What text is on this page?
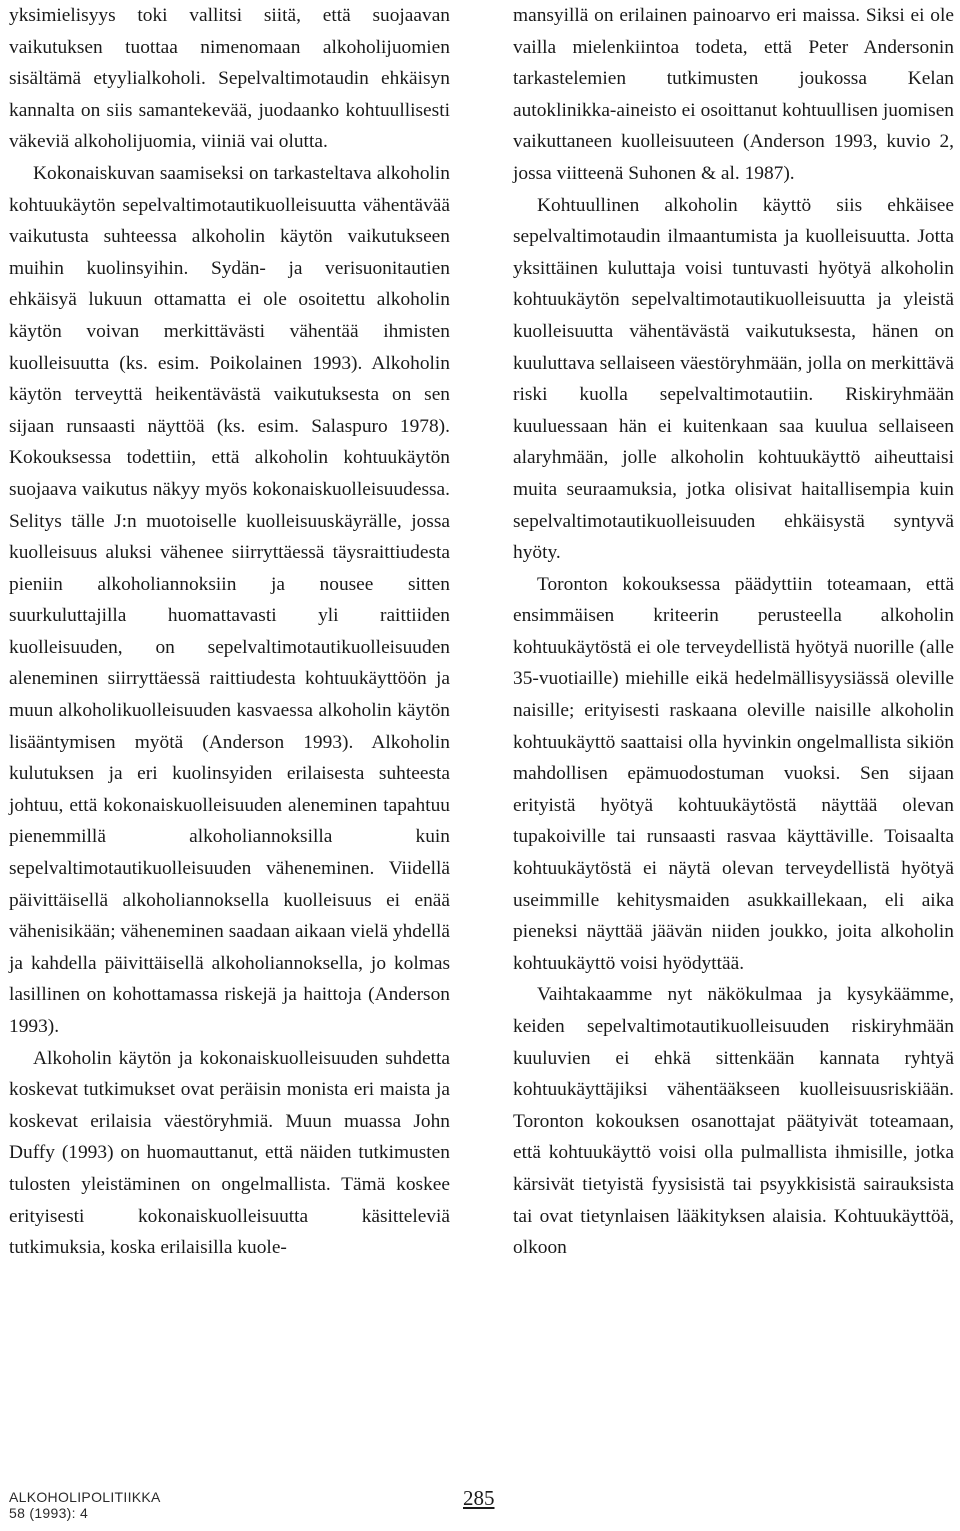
yksimielisyys toki vallitsi siitä, että suojaavan vaikutuksen tuottaa nimenomaan alkoholijuomien sisältämä etyylialkoholi. Sepelvaltimotaudin ehkäisyn kannalta on siis samantekevää, juodaanko kohtuullisesti väkeviä alkoholijuomia, viiniä vai olutta.

Kokonaiskuvan saamiseksi on tarkasteltava alkoholin kohtuukäytön sepelvaltimotautikuolleisuutta vähentävää vaikutusta suhteessa alkoholin käytön vaikutukseen muihin kuolinsyihin. Sydän- ja verisuonitautien ehkäisyä lukuun ottamatta ei ole osoitettu alkoholin käytön voivan merkittävästi vähentää ihmisten kuolleisuutta (ks. esim. Poikolainen 1993). Alkoholin käytön terveyttä heikentävästä vaikutuksesta on sen sijaan runsaasti näyttöä (ks. esim. Salaspuro 1978). Kokouksessa todettiin, että alkoholin kohtuukäytön suojaava vaikutus näkyy myös kokonaiskuolleisuudessa. Selitys tälle J:n muotoiselle kuolleisuuskäyrälle, jossa kuolleisuus aluksi vähenee siirryttäessä täysraittiudesta pieniin alkoholiannoksiin ja nousee sitten suurkuluttajilla huomattavasti yli raittiiden kuolleisuuden, on sepelvaltimotautikuolleisuuden aleneminen siirryttäessä raittiudesta kohtuukäyttöön ja muun alkoholikuolleisuuden kasvaessa alkoholin käytön lisääntymisen myötä (Anderson 1993). Alkoholin kulutuksen ja eri kuolinsyiden erilaisesta suhteesta johtuu, että kokonaiskuolleisuuden aleneminen tapahtuu pienemmillä alkoholiannoksilla kuin sepelvaltimotautikuolleisuuden väheneminen. Viidellä päivittäisellä alkoholiannoksella kuolleisuus ei enää vähenisikään; väheneminen saadaan aikaan vielä yhdellä ja kahdella päivittäisellä alkoholiannoksella, jo kolmas lasillinen on kohottamassa riskejä ja haittoja (Anderson 1993).

Alkoholin käytön ja kokonaiskuolleisuuden suhdetta koskevat tutkimukset ovat peräisin monista eri maista ja koskevat erilaisia väestöryhmiä. Muun muassa John Duffy (1993) on huomauttanut, että näiden tutkimusten tulosten yleistäminen on ongelmallista. Tämä koskee erityisesti kokonaiskuolleisuutta käsitteleviä tutkimuksia, koska erilaisilla kuole-

mansyillä on erilainen painoarvo eri maissa. Siksi ei ole vailla mielenkiintoa todeta, että Peter Andersonin tarkastelemien tutkimusten joukossa Kelan autoklinikka-aineisto ei osoittanut kohtuullisen juomisen vaikuttaneen kuolleisuuteen (Anderson 1993, kuvio 2, jossa viitteenä Suhonen & al. 1987).

Kohtuullinen alkoholin käyttö siis ehkäisee sepelvaltimotaudin ilmaantumista ja kuolleisuutta. Jotta yksittäinen kuluttaja voisi tuntuvasti hyötyä alkoholin kohtuukäytön sepelvaltimotautikuolleisuutta ja yleistä kuolleisuutta vähentävästä vaikutuksesta, hänen on kuuluttava sellaiseen väestöryhmään, jolla on merkittävä riski kuolla sepelvaltimotautiin. Riskiryhmään kuuluessaan hän ei kuitenkaan saa kuulua sellaiseen alaryhmään, jolle alkoholin kohtuukäyttö aiheuttaisi muita seuraamuksia, jotka olisivat haitallisempia kuin sepelvaltimotautikuolleisuuden ehkäisystä syntyvä hyöty.

Toronton kokouksessa päädyttiin toteamaan, että ensimmäisen kriteerin perusteella alkoholin kohtuukäytöstä ei ole terveydellistä hyötyä nuorille (alle 35-vuotiaille) miehille eikä hedelmällisyysiässä oleville naisille; erityisesti raskaana oleville naisille alkoholin kohtuukäyttö saattaisi olla hyvinkin ongelmallista sikiön mahdollisen epämuodostuman vuoksi. Sen sijaan erityistä hyötyä kohtuukäytöstä näyttää olevan tupakoiville tai runsaasti rasvaa käyttäville. Toisaalta kohtuukäytöstä ei näytä olevan terveydellistä hyötyä useimmille kehitysmaiden asukkaillekaan, eli aika pieneksi näyttää jäävän niiden joukko, joita alkoholin kohtuukäyttö voisi hyödyttää.

Vaihtakaamme nyt näkökulmaa ja kysykäämme, keiden sepelvaltimotautikuolleisuuden riskiryhmään kuuluvien ei ehkä sittenkään kannata ryhtyä kohtuukäyttäjiksi vähentääkseen kuolleisuusriskiään. Toronton kokouksen osanottajat päätyivät toteamaan, että kohtuukäyttö voisi olla pulmallista ihmisille, jotka kärsivät tietyistä fyysisistä tai psyykkisistä sairauksista tai ovat tietynlaisen lääkityksen alaisia. Kohtuukäyttöä, olkoon

ALKOHOLIPOLITIIKKA
58 (1993): 4
285
